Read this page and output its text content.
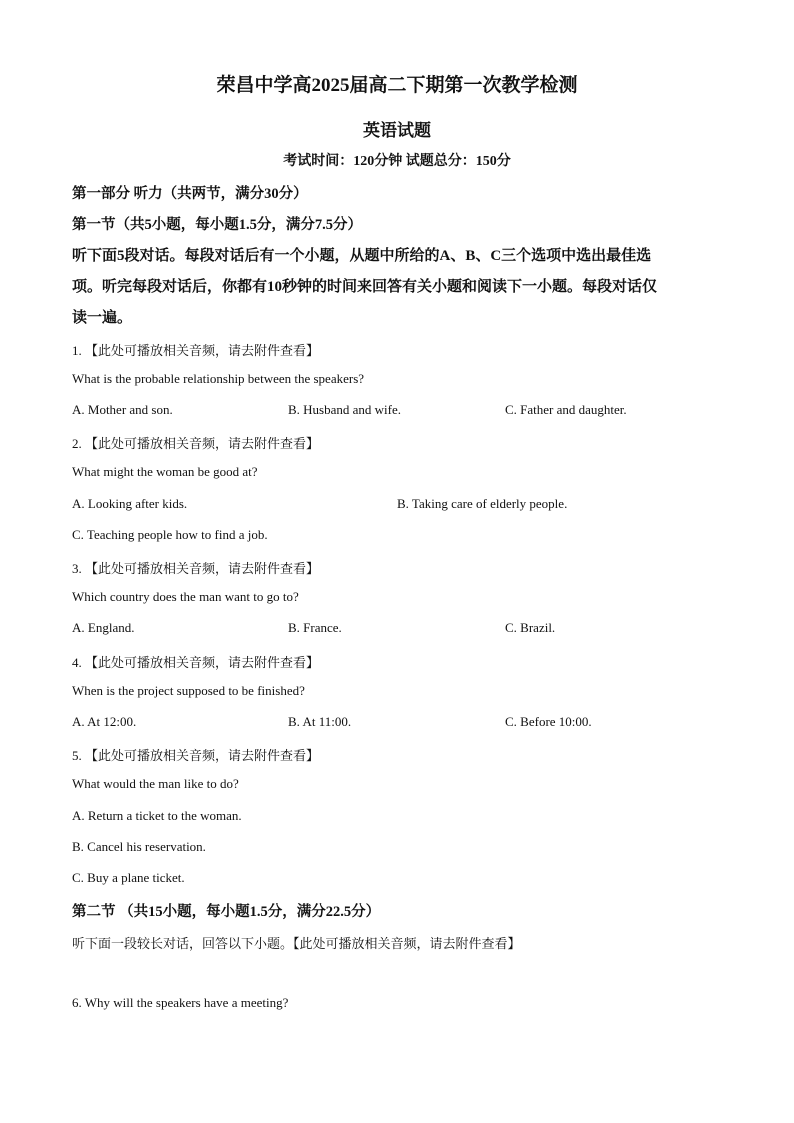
荣昌中学高2025届高二下期第一次教学检测
英语试题
考试时间：120分钟 试题总分：150分
第一部分 听力（共两节，满分30分）
第一节（共5小题，每小题1.5分，满分7.5分）
听下面5段对话。每段对话后有一个小题，从题中所给的A、B、C三个选项中选出最佳选
项。听完每段对话后，你都有10秒钟的时间来回答有关小题和阅读下一小题。每段对话仅
读一遍。
1. 【此处可播放相关音频，请去附件查看】
What is the probable relationship between the speakers?
A. Mother and son.	B. Husband and wife.	C. Father and daughter.
2. 【此处可播放相关音频，请去附件查看】
What might the woman be good at?
A. Looking after kids.	B. Taking care of elderly people.
C. Teaching people how to find a job.
3. 【此处可播放相关音频，请去附件查看】
Which country does the man want to go to?
A. England.	B. France.	C. Brazil.
4. 【此处可播放相关音频，请去附件查看】
When is the project supposed to be finished?
A. At 12:00.	B. At 11:00.	C. Before 10:00.
5. 【此处可播放相关音频，请去附件查看】
What would the man like to do?
A. Return a ticket to the woman.
B. Cancel his reservation.
C. Buy a plane ticket.
第二节 （共15小题，每小题1.5分，满分22.5分）
听下面一段较长对话，回答以下小题。【此处可播放相关音频，请去附件查看】
6. Why will the speakers have a meeting?
